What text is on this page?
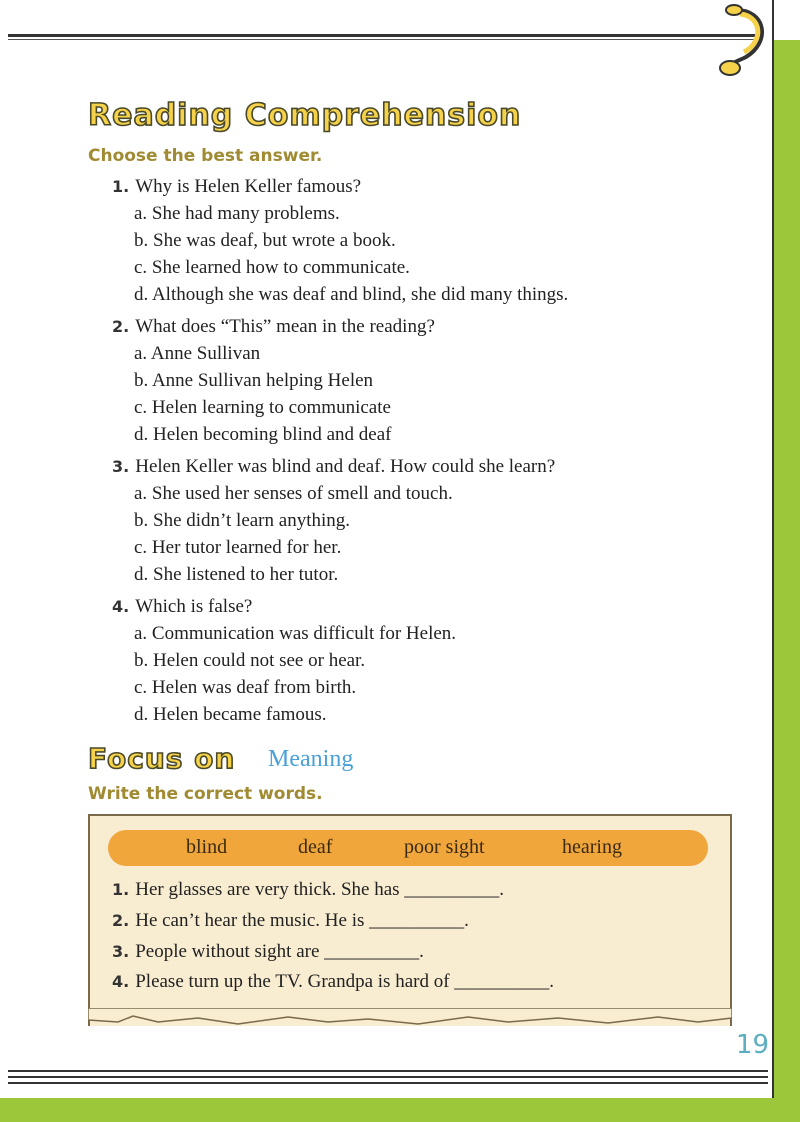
Reading Comprehension
Choose the best answer.
1. Why is Helen Keller famous?
a. She had many problems.
b. She was deaf, but wrote a book.
c. She learned how to communicate.
d. Although she was deaf and blind, she did many things.
2. What does “This” mean in the reading?
a. Anne Sullivan
b. Anne Sullivan helping Helen
c. Helen learning to communicate
d. Helen becoming blind and deaf
3. Helen Keller was blind and deaf. How could she learn?
a. She used her senses of smell and touch.
b. She didn’t learn anything.
c. Her tutor learned for her.
d. She listened to her tutor.
4. Which is false?
a. Communication was difficult for Helen.
b. Helen could not see or hear.
c. Helen was deaf from birth.
d. Helen became famous.
Focus on Meaning
Write the correct words.
blind	deaf	poor sight	hearing
1. Her glasses are very thick. She has __________.
2. He can’t hear the music. He is __________.
3. People without sight are __________.
4. Please turn up the TV. Grandpa is hard of __________.
19
